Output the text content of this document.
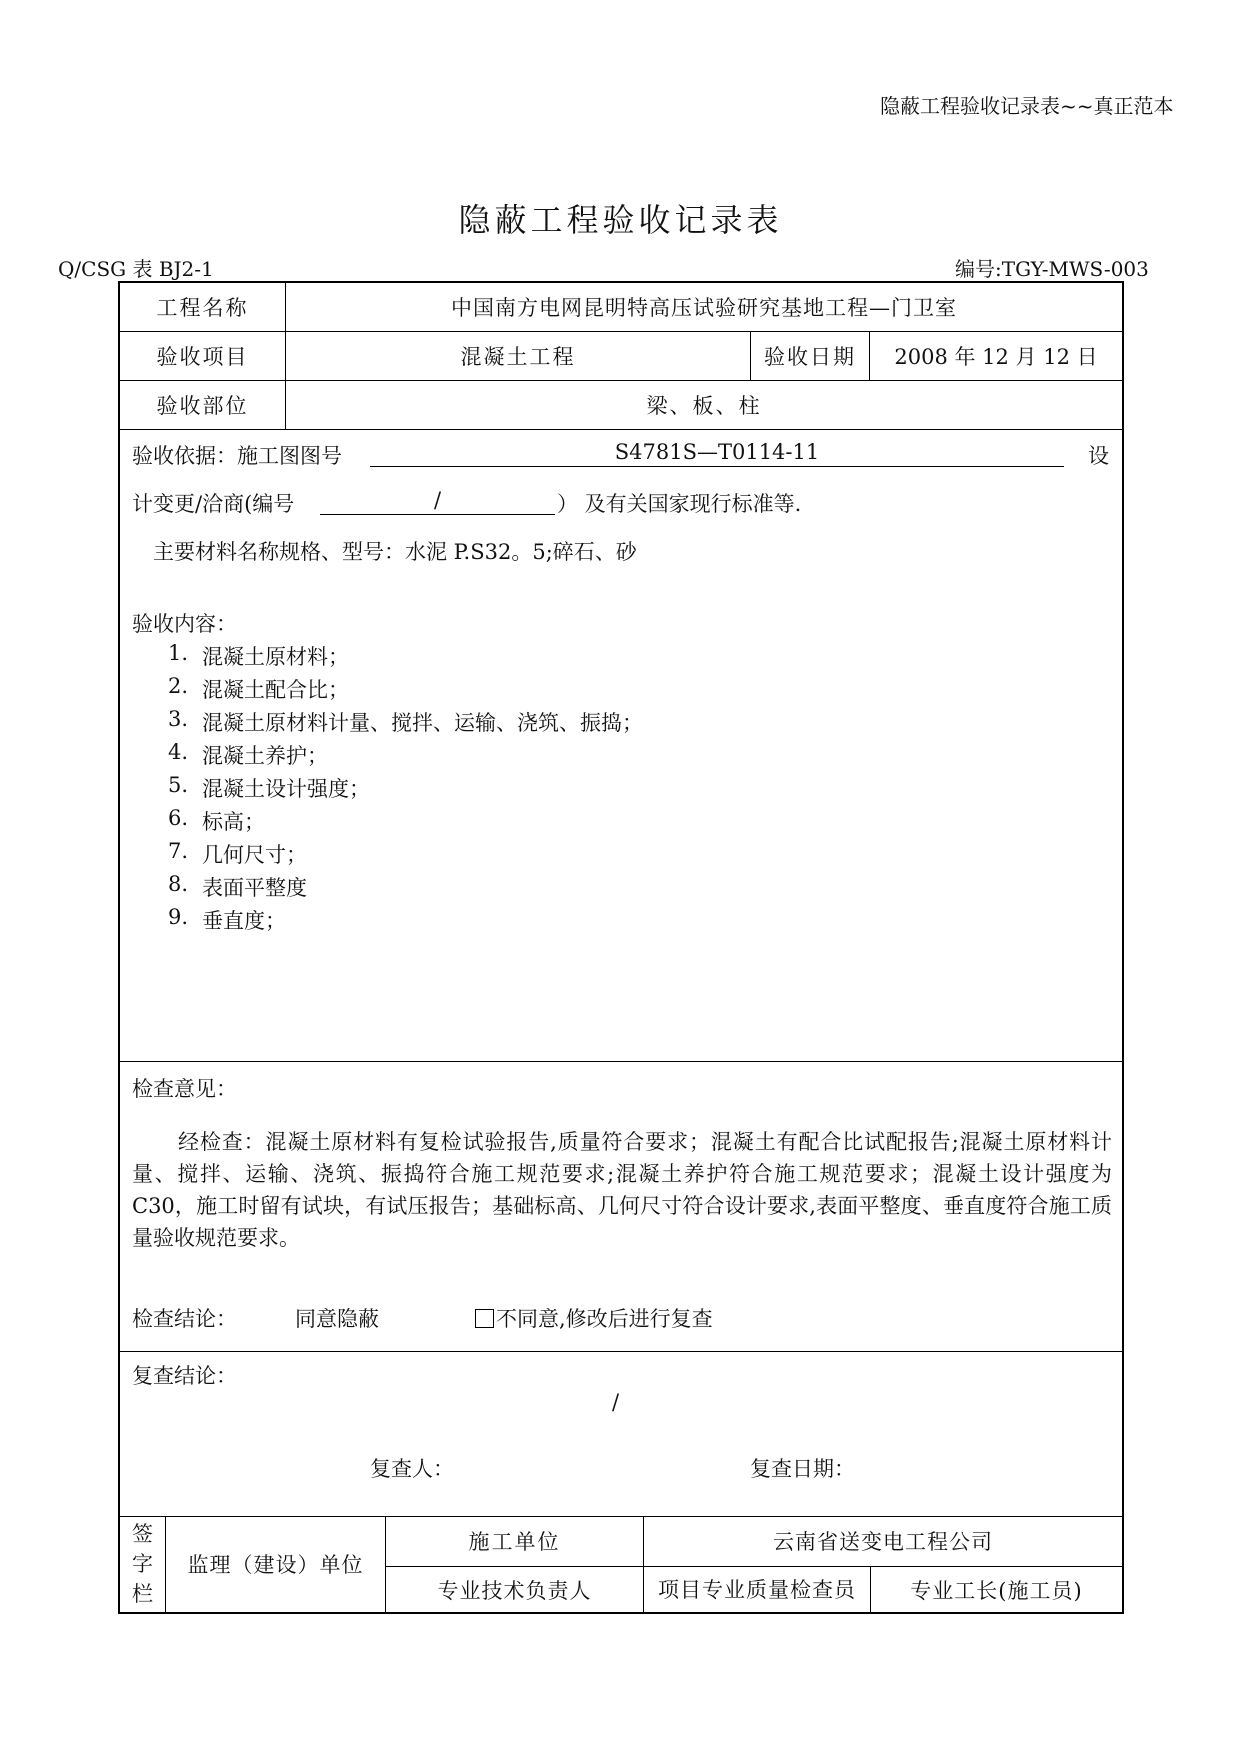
隐蔽工程验收记录表~~真正范本
隐蔽工程验收记录表
Q/CSG 表 BJ2-1	编号:TGY-MWS-003
工程名称	中国南方电网昆明特高压试验研究基地工程—门卫室
验收项目	混凝土工程	验收日期	2008 年 12 月 12 日
验收部位	梁、板、柱
验收依据：施工图图号	S4781S—T0114-11	设
计变更/洽商(编号	/	） 及有关国家现行标准等.
主要材料名称规格、型号：水泥 P.S32。5;碎石、砂
验收内容：
1. 混凝土原材料；
2. 混凝土配合比；
3. 混凝土原材料计量、搅拌、运输、浇筑、振捣；
4. 混凝土养护；
5. 混凝土设计强度；
6. 标高；
7. 几何尺寸；
8. 表面平整度
9. 垂直度；
检查意见：
经检查：混凝土原材料有复检试验报告,质量符合要求；混凝土有配合比试配报告;混凝土原材料计量、搅拌、运输、浇筑、振捣符合施工规范要求;混凝土养护符合施工规范要求；混凝土设计强度为 C30，施工时留有试块，有试压报告；基础标高、几何尺寸符合设计要求,表面平整度、垂直度符合施工质量验收规范要求。
检查结论：	同意隐蔽	不同意,修改后进行复查
复查结论：
/
复查人：	复查日期：
签
字
栏
监理（建设）单位
施工单位	云南省送变电工程公司
专业技术负责人	项目专业质量检查员	专业工长(施工员)
